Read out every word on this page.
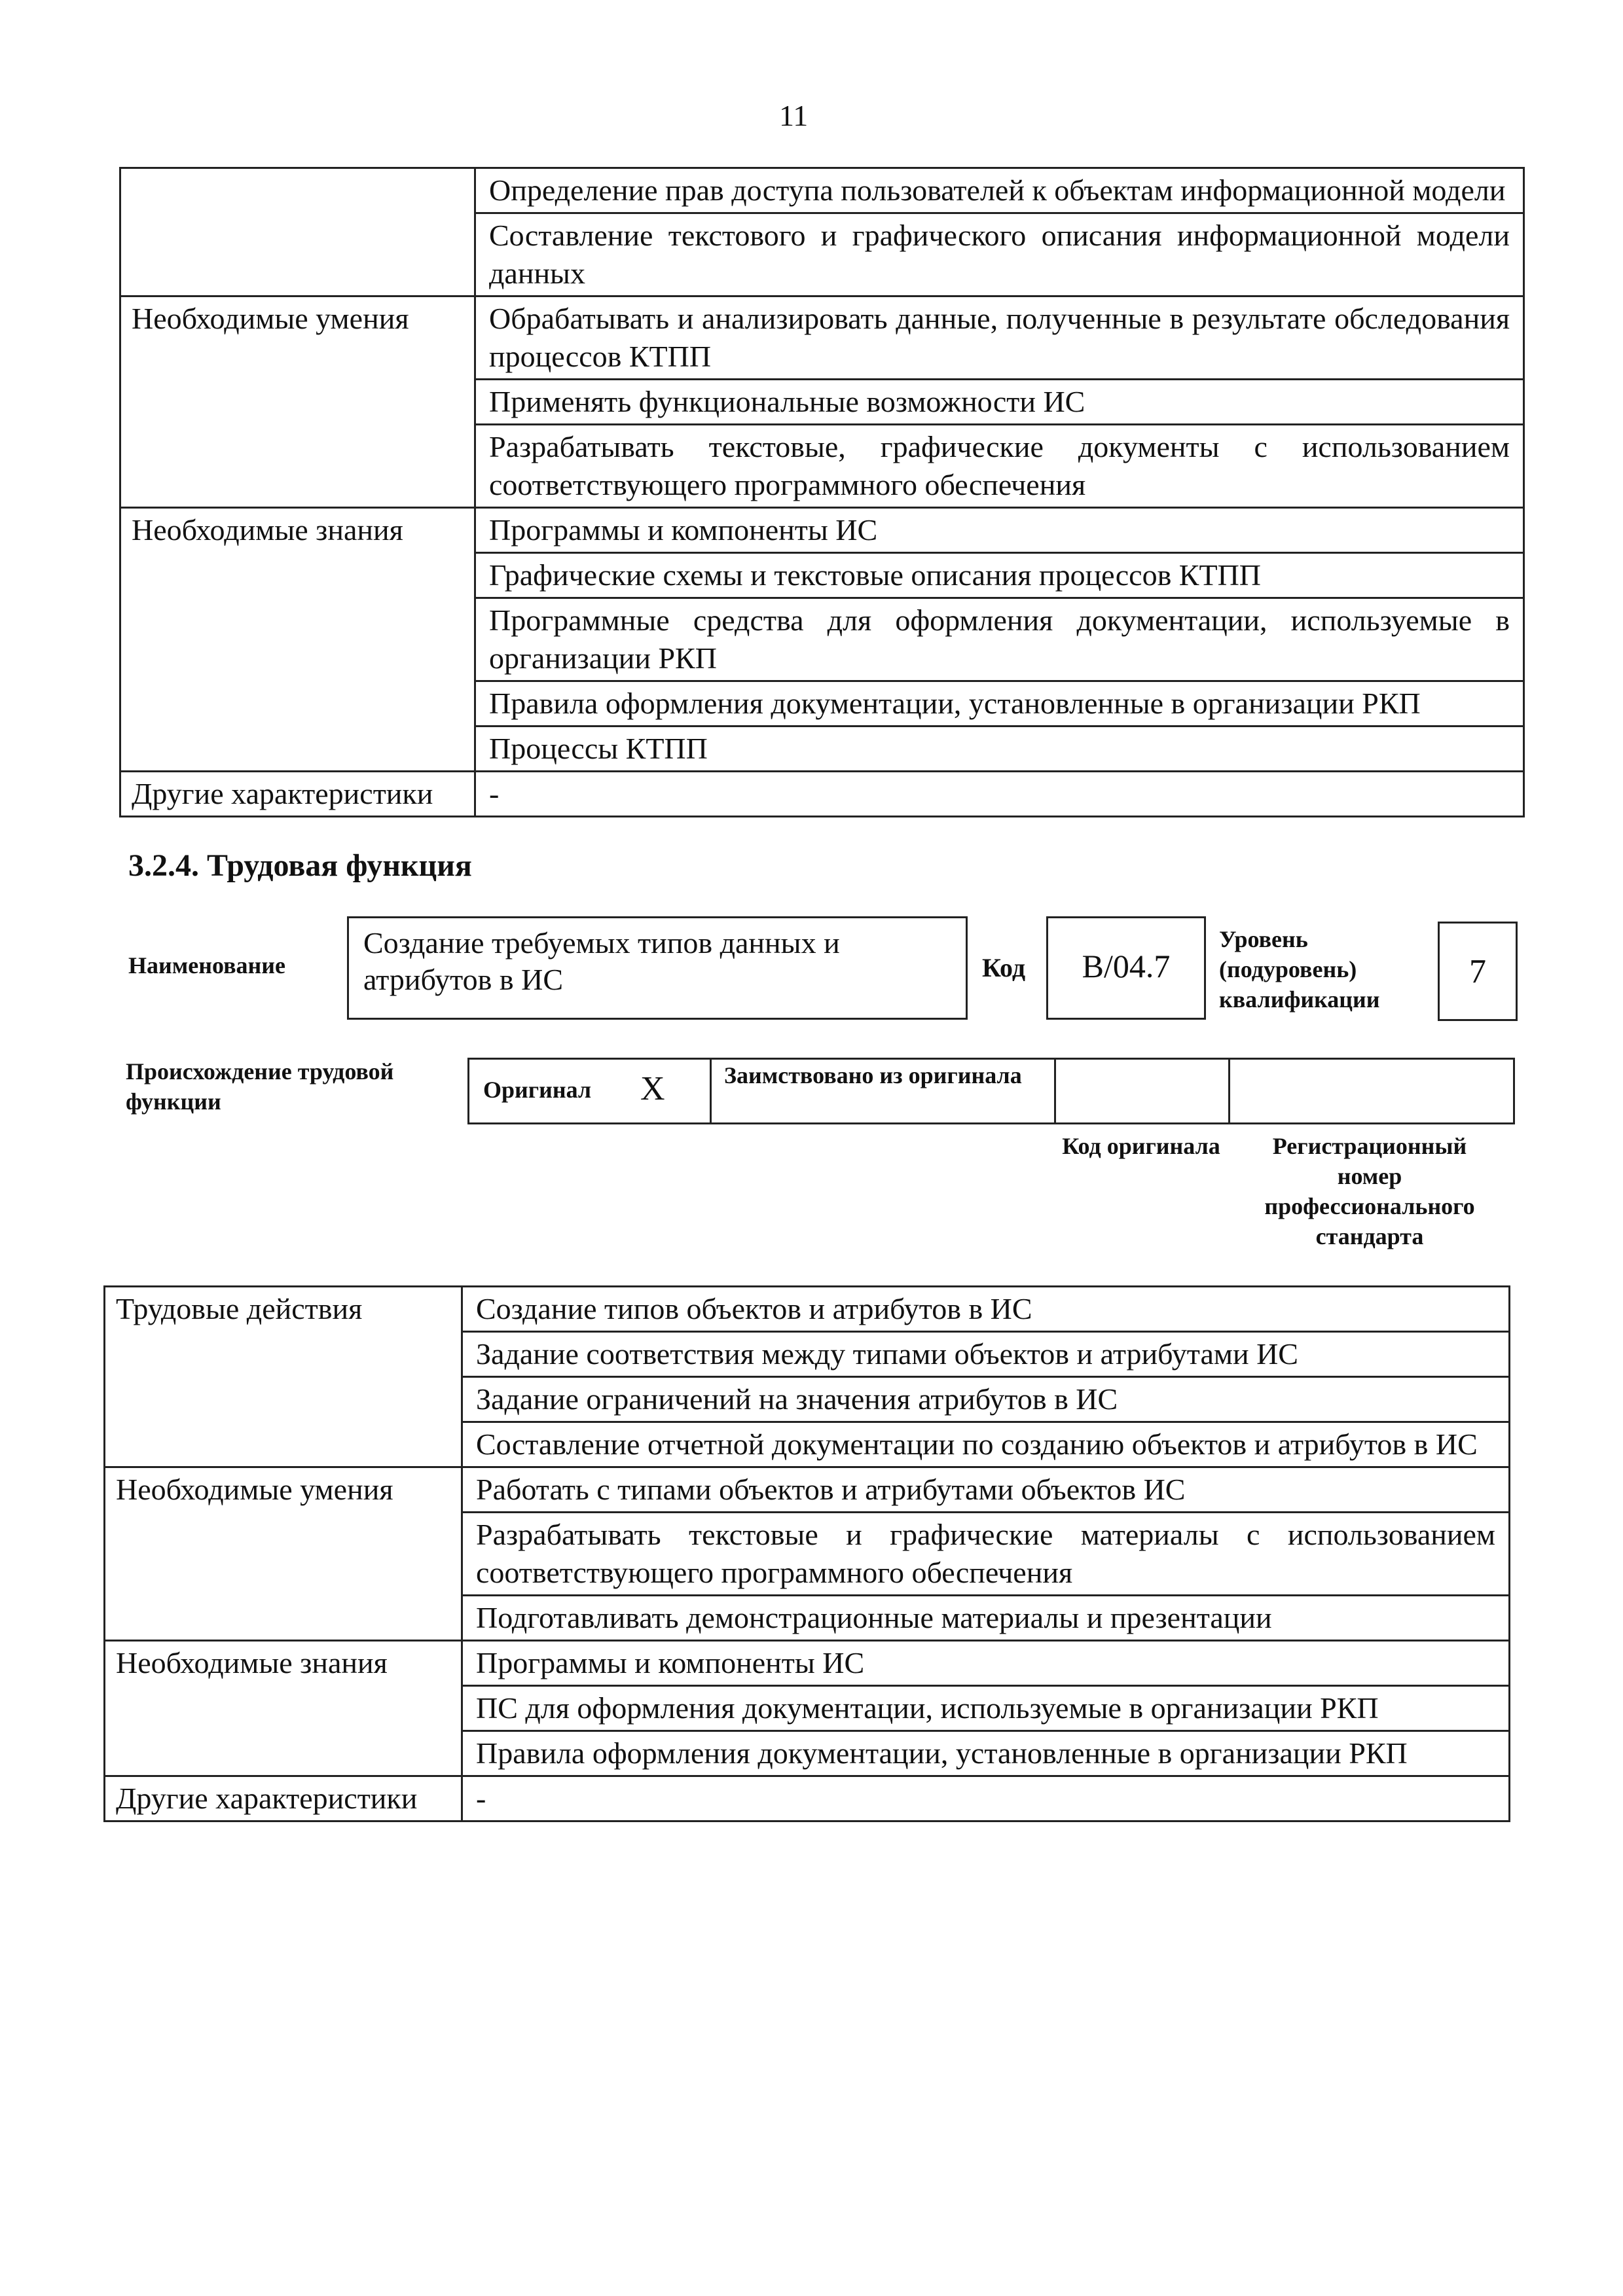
11
	Определение прав доступа пользователей к объектам информационной модели
	Составление текстового и графического описания информационной модели данных
Необходимые умения	Обрабатывать и анализировать данные, полученные в результате обследования процессов КТПП
	Применять функциональные возможности ИС
	Разрабатывать текстовые, графические документы с использованием соответствующего программного обеспечения
Необходимые знания	Программы и компоненты ИС
	Графические схемы и текстовые описания процессов КТПП
	Программные средства для оформления документации, используемые в организации РКП
	Правила оформления документации, установленные в организации РКП
	Процессы КТПП
Другие характеристики	-
3.2.4. Трудовая функция
Наименование
Создание требуемых типов данных и атрибутов в ИС	Код	B/04.7
Уровень (подуровень) квалификации
7
Происхождение трудовой функции	Оригинал X	Заимствовано из оригинала
Код оригинала	Регистрационный номер профессионального стандарта
Трудовые действия	Создание типов объектов и атрибутов в ИС
	Задание соответствия между типами объектов и атрибутами ИС
	Задание ограничений на значения атрибутов в ИС
	Составление отчетной документации по созданию объектов и атрибутов в ИС
Необходимые умения	Работать с типами объектов и атрибутами объектов ИС
	Разрабатывать текстовые и графические материалы с использованием соответствующего программного обеспечения
	Подготавливать демонстрационные материалы и презентации
Необходимые знания	Программы и компоненты ИС
	ПС для оформления документации, используемые в организации РКП
	Правила оформления документации, установленные в организации РКП
Другие характеристики	-
